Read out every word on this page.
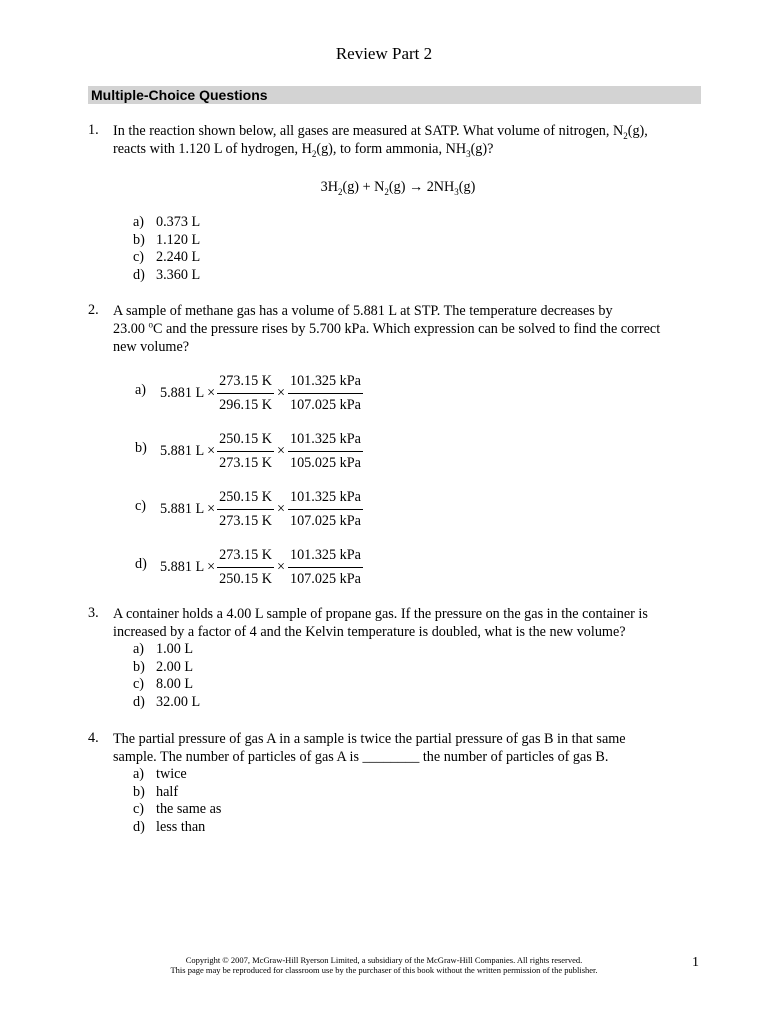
Review Part 2
Multiple-Choice Questions
1.	In the reaction shown below, all gases are measured at SATP. What volume of nitrogen, $N_2(g)$,
reacts with 1.120 L of hydrogen, $H_2(g)$, to form ammonia, $NH_3(g)$?
$3H_2(g) + N_2(g) \to 2NH_3(g)$
a) 0.373 L
b) 1.120 L
c) 2.240 L
d) 3.360 L
2.	A sample of methane gas has a volume of 5.881 L at STP. The temperature decreases by
23.00 $^o$C and the pressure rises by 5.700 kPa. Which expression can be solved to find the correct
new volume?
a) 5.881 $L \times \frac{273.15 K}{296.15 K} \times \frac{\text{101.325 kPa}}{\text{107.025 kPa}}$
b) 5.881 $L \times \frac{250.15 K}{273.15 K} \times \frac{\text{101.325 kPa}}{\text{105.025 kPa}}$
c) 5.881 $L \times \frac{250.15 K}{273.15 K} \times \frac{\text{101.325 kPa}}{\text{107.025 kPa}}$
d) 5.881 $L \times \frac{273.15 K}{250.15 K} \times \frac{\text{101.325 kPa}}{\text{107.025 kPa}}$
3.	A container holds a 4.00 L sample of propane gas. If the pressure on the gas in the container is
increased by a factor of 4 and the Kelvin temperature is doubled, what is the new volume?
a) 1.00 L
b) 2.00 L
c) 8.00 L
d) 32.00 L
4.	The partial pressure of gas A in a sample is twice the partial pressure of gas B in that same
sample. The number of particles of gas A is ________ the number of particles of gas B.
a) twice
b) half
c) the same as
d) less than
Copyright © 2007, McGraw-Hill Ryerson Limited, a subsidiary of the McGraw-Hill Companies. All rights reserved.
This page may be reproduced for classroom use by the purchaser of this book without the written permission of the publisher.	1
